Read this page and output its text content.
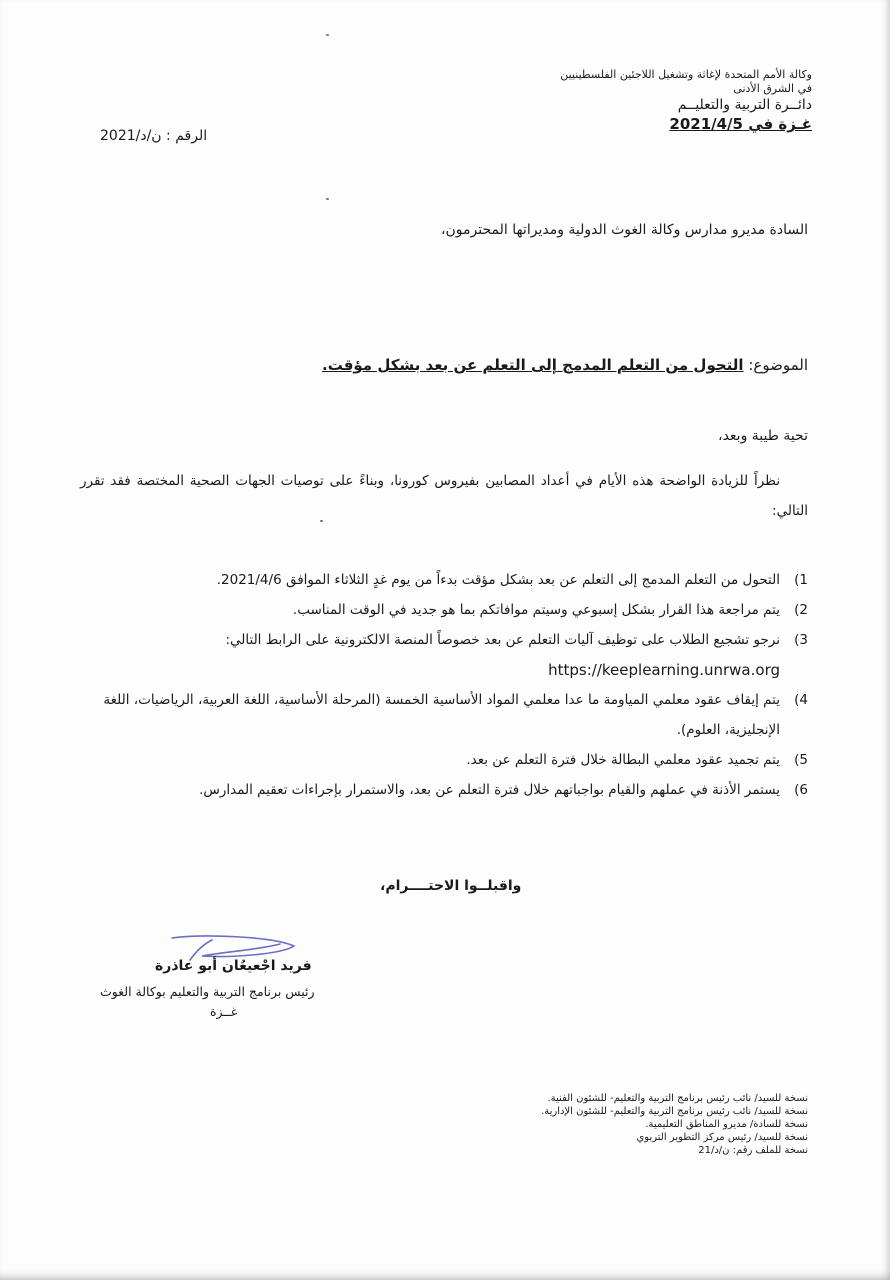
وكالة الأمم المتحدة لإغاثة وتشغيل اللاجئين الفلسطينيين
في الشرق الأدنى
دائــرة التربية والتعليــم
غـزة في 2021/4/5
الرقم : ن/د/2021
السادة مديرو مدارس وكالة الغوث الدولية ومديراتها المحترمون،
الموضوع: التحول من التعلم المدمج إلى التعلم عن بعد بشكل مؤقت.
تحية طيبة وبعد،
نظراً للزيادة الواضحة هذه الأيام في أعداد المصابين بفيروس كورونا، وبناءً على توصيات الجهات الصحية المختصة فقد تقرر التالي:
1)
التحول من التعلم المدمج إلى التعلم عن بعد بشكل مؤقت بدءاً من يوم غدٍ الثلاثاء الموافق 2021/4/6.
2)
يتم مراجعة هذا القرار بشكل إسبوعي وسيتم موافاتكم بما هو جديد في الوقت المناسب.
3)
نرجو تشجيع الطلاب على توظيف آليات التعلم عن بعد خصوصاً المنصة الالكترونية على الرابط التالي:
https://keeplearning.unrwa.org
4)
يتم إيقاف عقود معلمي المياومة ما عدا معلمي المواد الأساسية الخمسة (المرحلة الأساسية، اللغة العربية، الرياضيات، اللغة الإنجليزية، العلوم).
5)
يتم تجميد عقود معلمي البطالة خلال فترة التعلم عن بعد.
6)
يستمر الأذنة في عملهم والقيام بواجباتهم خلال فترة التعلم عن بعد، والاستمرار بإجراءات تعقيم المدارس.
واقبلــوا الاحتــــرام،
فريد اجْعيعُان أبو عاذرة
رئيس برنامج التربية والتعليم بوكالة الغوث
غــزة
نسخة للسيد/ نائب رئيس برنامج التربية والتعليم- للشئون الفنية.
نسخة للسيد/ نائب رئيس برنامج التربية والتعليم- للشئون الإدارية.
نسخة للسادة/ مديرو المناطق التعليمية.
نسخة للسيد/ رئيس مركز التطوير التربوي
نسخة للملف رقم: ن/د/21
